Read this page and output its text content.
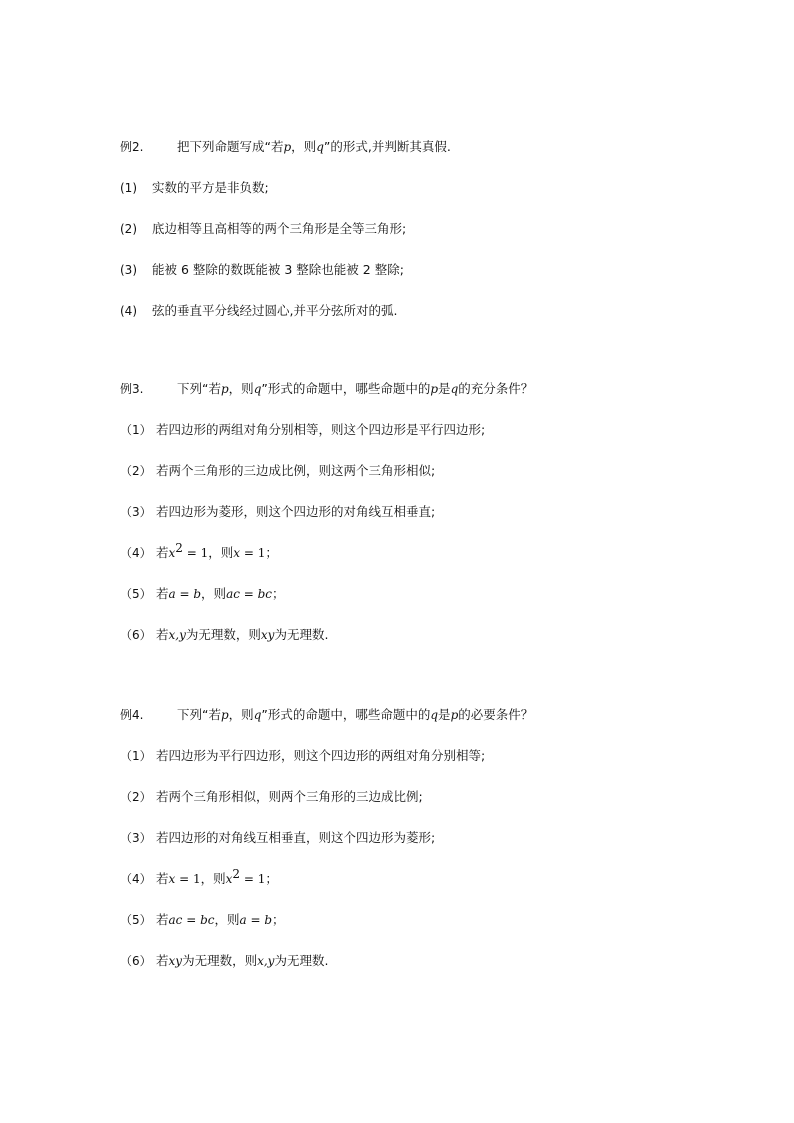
例2.	把下列命题写成“若p，则q”的形式,并判断其真假.
(1) 实数的平方是非负数;
(2) 底边相等且高相等的两个三角形是全等三角形;
(3) 能被 6 整除的数既能被 3 整除也能被 2 整除;
(4) 弦的垂直平分线经过圆心,并平分弦所对的弧.
例3.	下列“若p，则q”形式的命题中，哪些命题中的p是q的充分条件？
（1） 若四边形的两组对角分别相等，则这个四边形是平行四边形;
（2） 若两个三角形的三边成比例，则这两个三角形相似;
（3） 若四边形为菱形，则这个四边形的对角线互相垂直;
（4） 若$x^2 = 1$，则x = 1；
（5） 若a = b，则ac = bc；
（6） 若x,y为无理数，则xy为无理数.
例4.	下列“若p，则q”形式的命题中，哪些命题中的q是p的必要条件？
（1） 若四边形为平行四边形，则这个四边形的两组对角分别相等;
（2） 若两个三角形相似，则两个三角形的三边成比例;
（3） 若四边形的对角线互相垂直，则这个四边形为菱形;
（4） 若x = 1，则$x^2 = 1$；
（5） 若ac = bc，则a = b；
（6） 若xy为无理数，则x,y为无理数.
